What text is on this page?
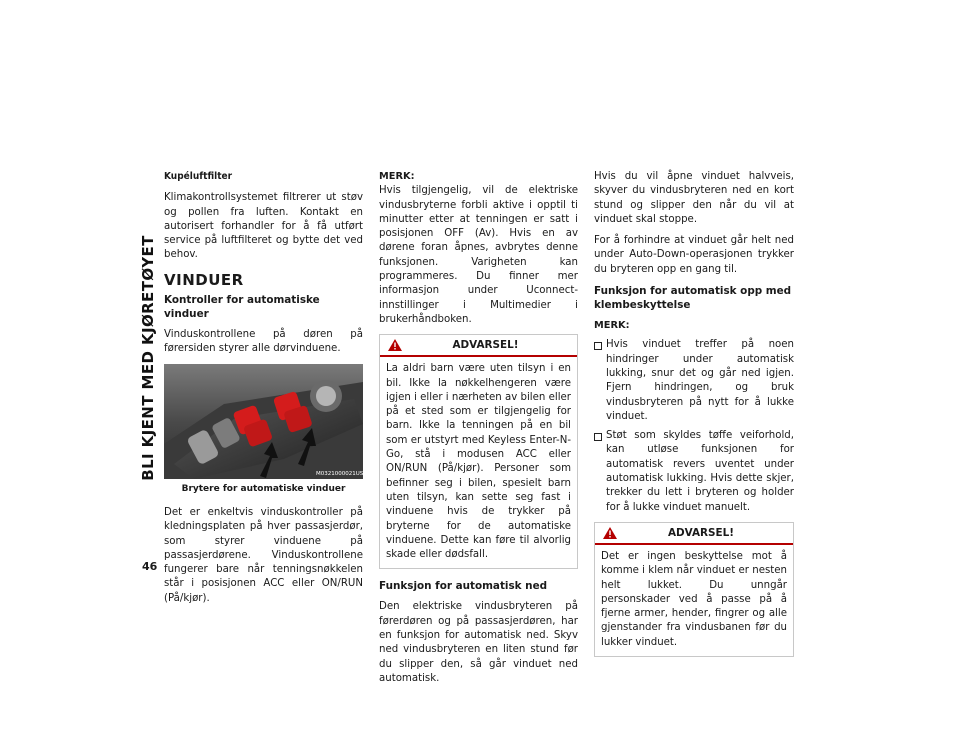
BLI KJENT MED KJØRETØYET
46
Kupéluftfilter

Klimakontrollsystemet filtrerer ut støv og pollen fra luften. Kontakt en autorisert forhandler for å få utført service på luftfilteret og bytte det ved behov.

VINDUER
Kontroller for automatiske vinduer

Vinduskontrollene på døren på førersiden styrer alle dørvinduene.

M0321000021US
Brytere for automatiske vinduer

Det er enkeltvis vinduskontroller på kledningsplaten på hver passasjerdør, som styrer vinduene på passasjerdørene. Vinduskontrollene fungerer bare når tenningsnøkkelen står i posisjonen ACC eller ON/RUN (På/kjør).

MERK:

Hvis tilgjengelig, vil de elektriske vindusbryterne forbli aktive i opptil ti minutter etter at tenningen er satt i posisjonen OFF (Av). Hvis en av dørene foran åpnes, avbrytes denne funksjonen. Varigheten kan programmeres. Du finner mer informasjon under Uconnect-innstillinger i Multimedier i brukerhåndboken.

ADVARSEL!
La aldri barn være uten tilsyn i en bil. Ikke la nøkkelhengeren være igjen i eller i nærheten av bilen eller på et sted som er tilgjengelig for barn. Ikke la tenningen på en bil som er utstyrt med Keyless Enter-N-Go, stå i modusen ACC eller ON/RUN (På/kjør). Personer som befinner seg i bilen, spesielt barn uten tilsyn, kan sette seg fast i vinduene hvis de trykker på bryterne for de automatiske vinduene. Dette kan føre til alvorlig skade eller dødsfall.
Funksjon for automatisk ned

Den elektriske vindusbryteren på førerdøren og på passasjerdøren, har en funksjon for automatisk ned. Skyv ned vindusbryteren en liten stund før du slipper den, så går vinduet ned automatisk.

Hvis du vil åpne vinduet halvveis, skyver du vindusbryteren ned en kort stund og slipper den når du vil at vinduet skal stoppe.

For å forhindre at vinduet går helt ned under Auto-Down-operasjonen trykker du bryteren opp en gang til.

Funksjon for automatisk opp med klembeskyttelse
MERK:
Hvis vinduet treffer på noen hindringer under automatisk lukking, snur det og går ned igjen. Fjern hindringen, og bruk vindusbryteren på nytt for å lukke vinduet.
Støt som skyldes tøffe veiforhold, kan utløse funksjonen for automatisk revers uventet under automatisk lukking. Hvis dette skjer, trekker du lett i bryteren og holder for å lukke vinduet manuelt.
ADVARSEL!
Det er ingen beskyttelse mot å komme i klem når vinduet er nesten helt lukket. Du unngår personskader ved å passe på å fjerne armer, hender, fingrer og alle gjenstander fra vindusbanen før du lukker vinduet.
